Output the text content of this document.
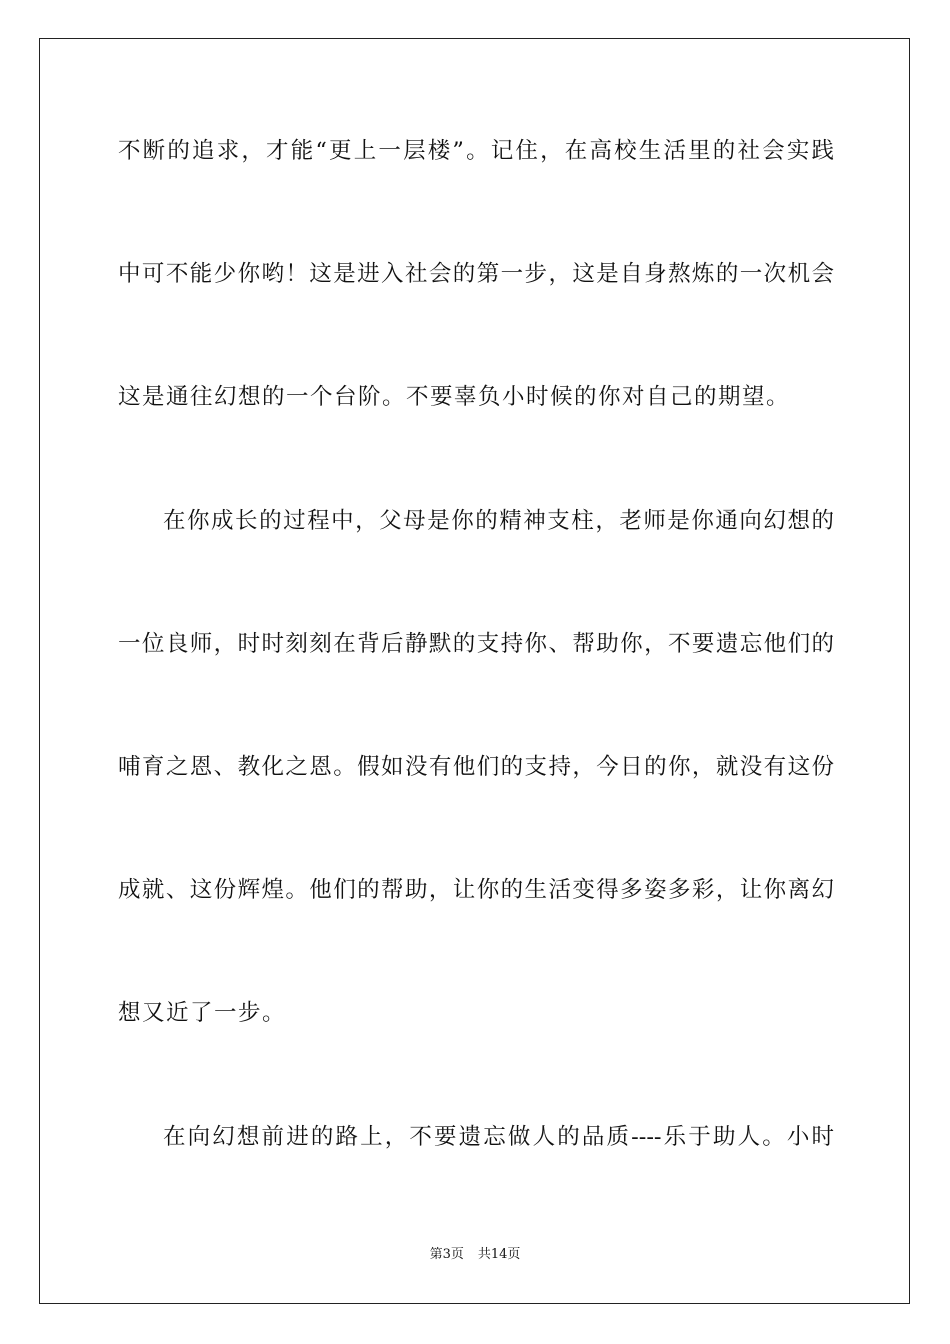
不断的追求，才能“更上一层楼”。记住，在高校生活里的社会实践
中可不能少你哟！这是进入社会的第一步，这是自身熬炼的一次机会
这是通往幻想的一个台阶。不要辜负小时候的你对自己的期望。
在你成长的过程中，父母是你的精神支柱，老师是你通向幻想的
一位良师，时时刻刻在背后静默的支持你、帮助你，不要遗忘他们的
哺育之恩、教化之恩。假如没有他们的支持，今日的你，就没有这份
成就、这份辉煌。他们的帮助，让你的生活变得多姿多彩，让你离幻
想又近了一步。
在向幻想前进的路上，不要遗忘做人的品质----乐于助人。小时
第3页 共14页
